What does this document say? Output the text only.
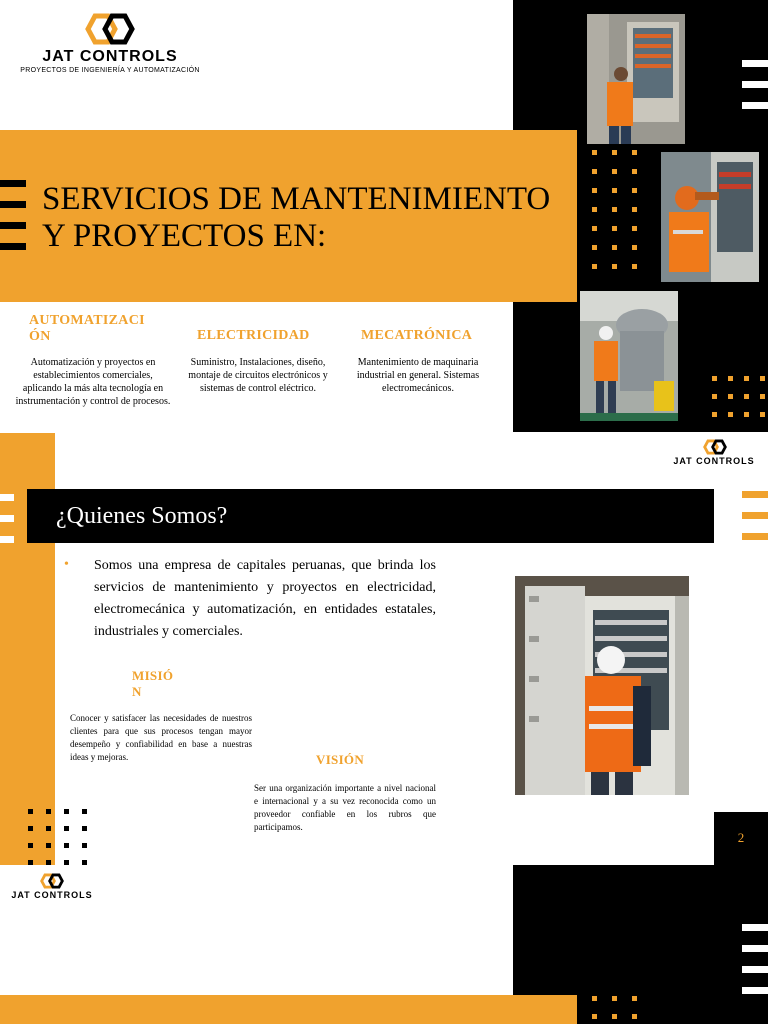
JAT CONTROLS
PROYECTOS DE INGENIERÍA Y AUTOMATIZACIÓN
SERVICIOS DE MANTENIMIENTO
Y PROYECTOS EN:
AUTOMATIZACI
ÓN
Automatización y proyectos en establecimientos comerciales, aplicando la más alta tecnología en instrumentación y control de procesos.
ELECTRICIDAD
Suministro, Instalaciones, diseño, montaje de circuitos electrónicos y sistemas de control eléctrico.
MECATRÓNICA
Mantenimiento de maquinaria industrial en general. Sistemas electromecánicos.
JAT CONTROLS
¿Quienes Somos?
• Somos una empresa de capitales peruanas, que brinda los servicios de mantenimiento y proyectos en electricidad, electromecánica y automatización, en entidades estatales, industriales y comerciales.
MISIÓ
N
Conocer y satisfacer las necesidades de nuestros clientes para que sus procesos tengan mayor desempeño y confiabilidad en base a nuestras ideas y mejoras.	VISIÓN
Ser una organización importante a nivel nacional e internacional y a su vez reconocida como un proveedor confiable en los rubros que participamos.
2
JAT CONTROLS
